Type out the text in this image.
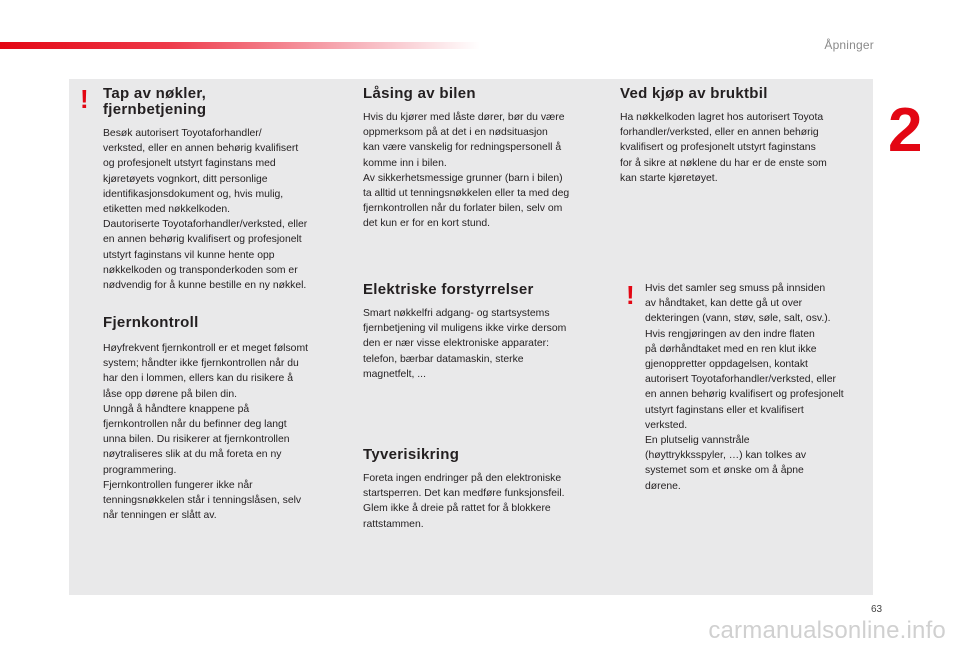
Åpninger
2
! Tap av nøkler, fjernbetjening

Besøk autorisert Toyotaforhandler/
verksted, eller en annen behørig kvalifisert
og profesjonelt utstyrt faginstans med
kjøretøyets vognkort, ditt personlige
identifikasjonsdokument og, hvis mulig,
etiketten med nøkkelkoden.
Dautoriserte Toyotaforhandler/verksted, eller
en annen behørig kvalifisert og profesjonelt
utstyrt faginstans vil kunne hente opp
nøkkelkoden og transponderkoden som er
nødvendig for å kunne bestille en ny nøkkel.

Fjernkontroll

Høyfrekvent fjernkontroll er et meget følsomt
system; håndter ikke fjernkontrollen når du
har den i lommen, ellers kan du risikere å
låse opp dørene på bilen din.
Unngå å håndtere knappene på
fjernkontrollen når du befinner deg langt
unna bilen. Du risikerer at fjernkontrollen
nøytraliseres slik at du må foreta en ny
programmering.
Fjernkontrollen fungerer ikke når
tenningsnøkkelen står i tenningslåsen, selv
når tenningen er slått av.

Låsing av bilen

Hvis du kjører med låste dører, bør du være
oppmerksom på at det i en nødsituasjon
kan være vanskelig for redningspersonell å
komme inn i bilen.
Av sikkerhetsmessige grunner (barn i bilen)
ta alltid ut tenningsnøkkelen eller ta med deg
fjernkontrollen når du forlater bilen, selv om
det kun er for en kort stund.

Elektriske forstyrrelser

Smart nøkkelfri adgang- og startsystems
fjernbetjening vil muligens ikke virke dersom
den er nær visse elektroniske apparater:
telefon, bærbar datamaskin, sterke
magnetfelt, ...

Tyverisikring

Foreta ingen endringer på den elektroniske
startsperren. Det kan medføre funksjonsfeil.
Glem ikke å dreie på rattet for å blokkere
rattstammen.

Ved kjøp av bruktbil

Ha nøkkelkoden lagret hos autorisert Toyota
forhandler/verksted, eller en annen behørig
kvalifisert og profesjonelt utstyrt faginstans
for å sikre at nøklene du har er de enste som
kan starte kjøretøyet.

! Hvis det samler seg smuss på innsiden
av håndtaket, kan dette gå ut over
dekteringen (vann, støv, søle, salt, osv.).
Hvis rengjøringen av den indre flaten
på dørhåndtaket med en ren klut ikke
gjenoppretter oppdagelsen, kontakt
autorisert Toyotaforhandler/verksted, eller
en annen behørig kvalifisert og profesjonelt
utstyrt faginstans eller et kvalifisert
verksted.
En plutselig vannstråle
(høyttrykksspyler, …) kan tolkes av
systemet som et ønske om å åpne
dørene.

63
carmanualsonline.info
